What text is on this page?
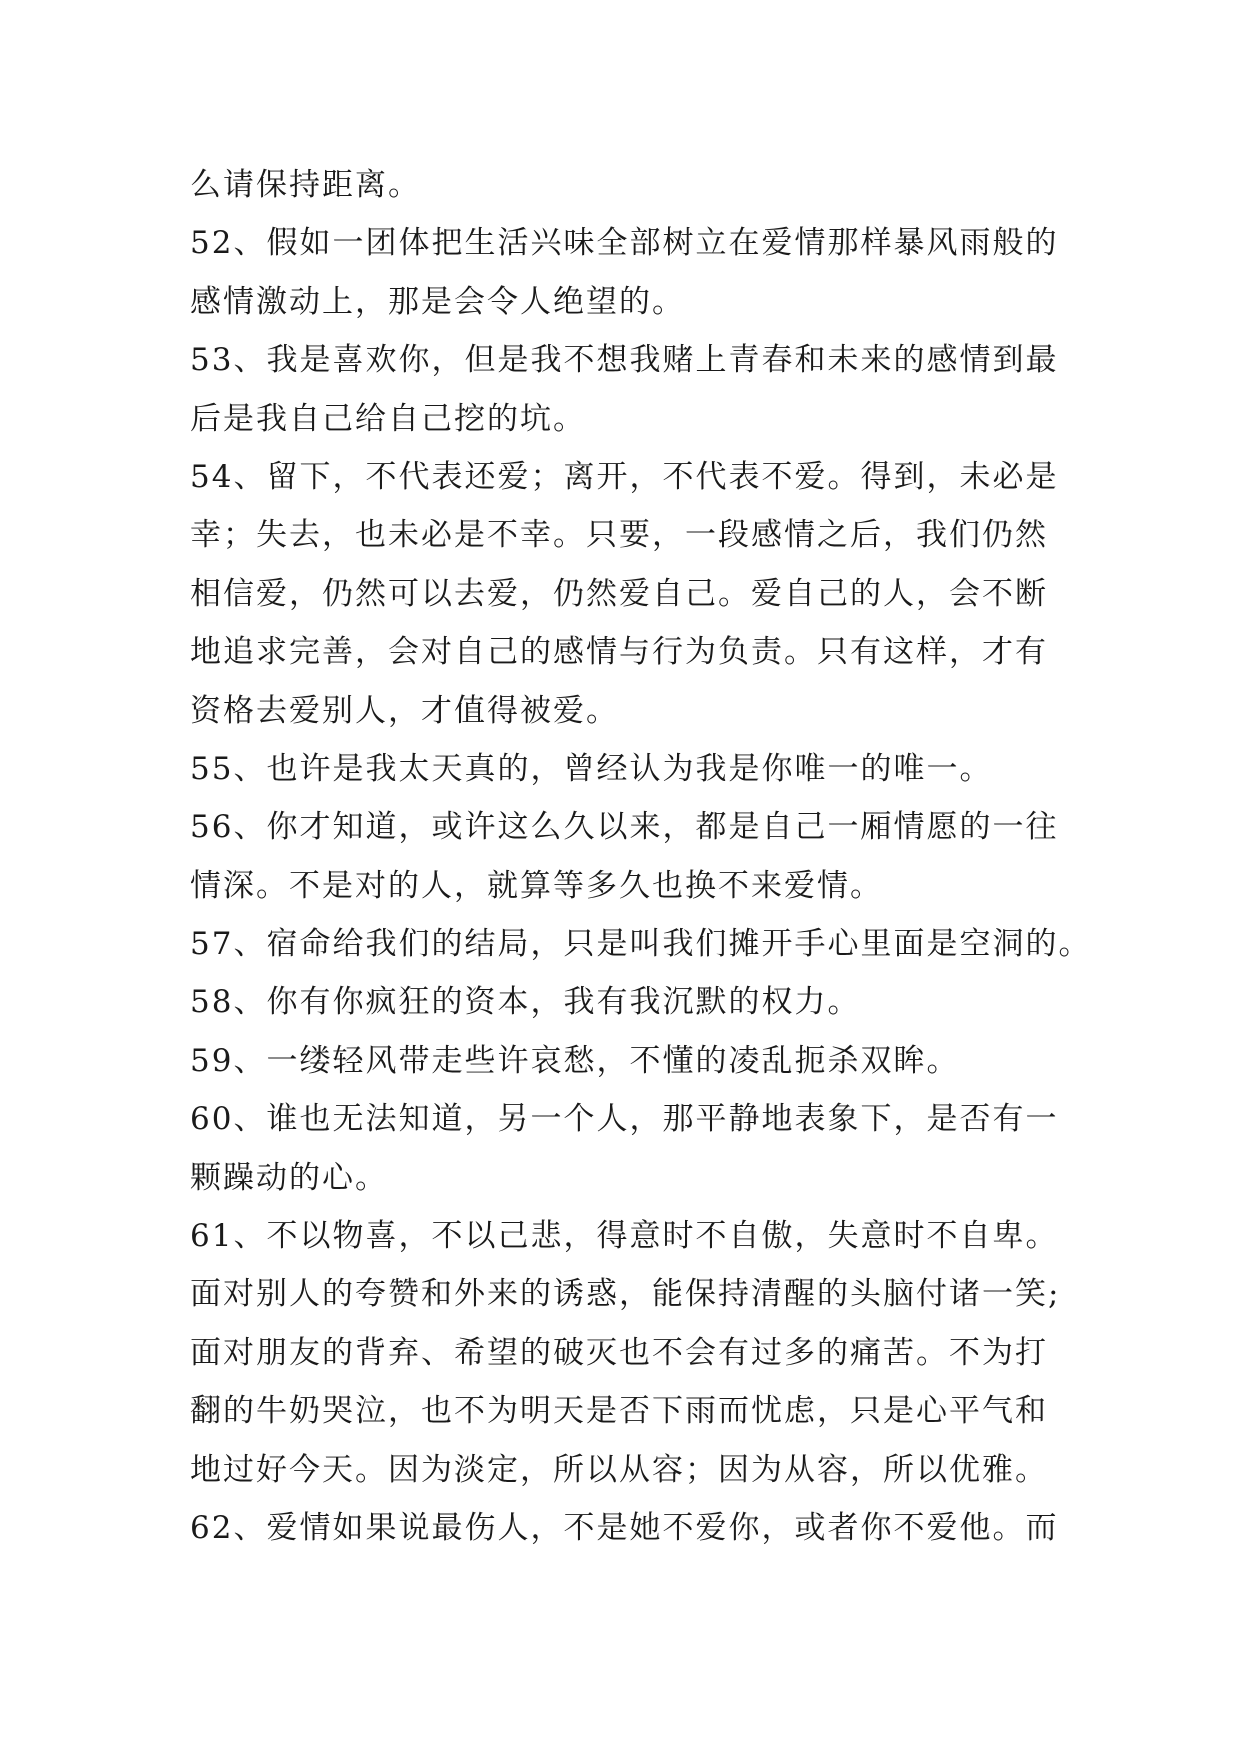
么请保持距离。
52、假如一团体把生活兴味全部树立在爱情那样暴风雨般的
感情激动上，那是会令人绝望的。
53、我是喜欢你，但是我不想我赌上青春和未来的感情到最
后是我自己给自己挖的坑。
54、留下，不代表还爱；离开，不代表不爱。得到，未必是
幸；失去，也未必是不幸。只要，一段感情之后，我们仍然
相信爱，仍然可以去爱，仍然爱自己。爱自己的人，会不断
地追求完善，会对自己的感情与行为负责。只有这样，才有
资格去爱别人，才值得被爱。
55、也许是我太天真的，曾经认为我是你唯一的唯一。
56、你才知道，或许这么久以来，都是自己一厢情愿的一往
情深。不是对的人，就算等多久也换不来爱情。
57、宿命给我们的结局，只是叫我们摊开手心里面是空洞的。
58、你有你疯狂的资本，我有我沉默的权力。
59、一缕轻风带走些许哀愁，不懂的凌乱扼杀双眸。
60、谁也无法知道，另一个人，那平静地表象下，是否有一
颗躁动的心。
61、不以物喜，不以己悲，得意时不自傲，失意时不自卑。
面对别人的夸赞和外来的诱惑，能保持清醒的头脑付诸一笑;
面对朋友的背弃、希望的破灭也不会有过多的痛苦。不为打
翻的牛奶哭泣，也不为明天是否下雨而忧虑，只是心平气和
地过好今天。因为淡定，所以从容；因为从容，所以优雅。
62、爱情如果说最伤人，不是她不爱你，或者你不爱他。而
